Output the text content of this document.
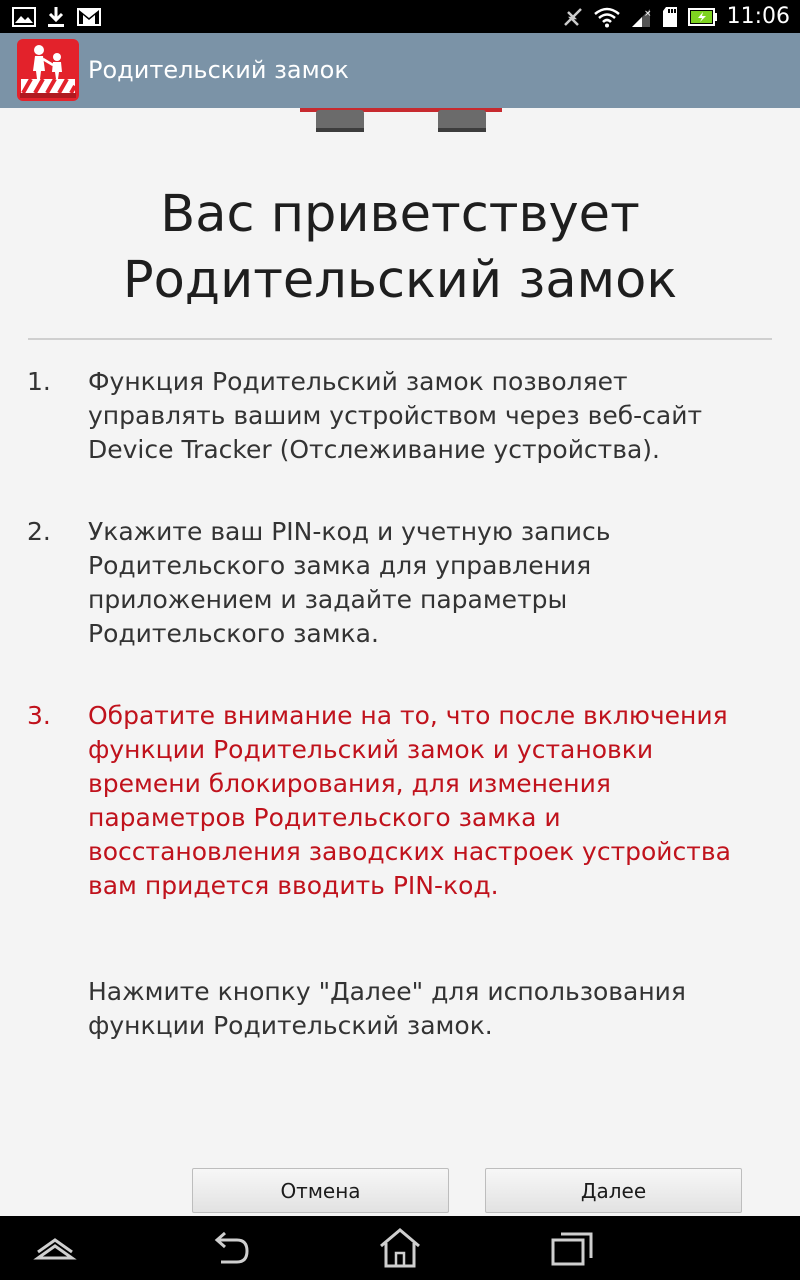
×	11:06
Родительский замок
Вас приветствует
Родительский замок
1. Функция Родительский замок позволяет
управлять вашим устройством через веб-сайт
Device Tracker (Отслеживание устройства).
2. Укажите ваш PIN-код и учетную запись
Родительского замка для управления
приложением и задайте параметры
Родительского замка.
3. Обратите внимание на то, что после включения
функции Родительский замок и установки
времени блокирования, для изменения
параметров Родительского замка и
восстановления заводских настроек устройства
вам придется вводить PIN-код.
Нажмите кнопку "Далее" для использования
функции Родительский замок.
Отмена	Далее
